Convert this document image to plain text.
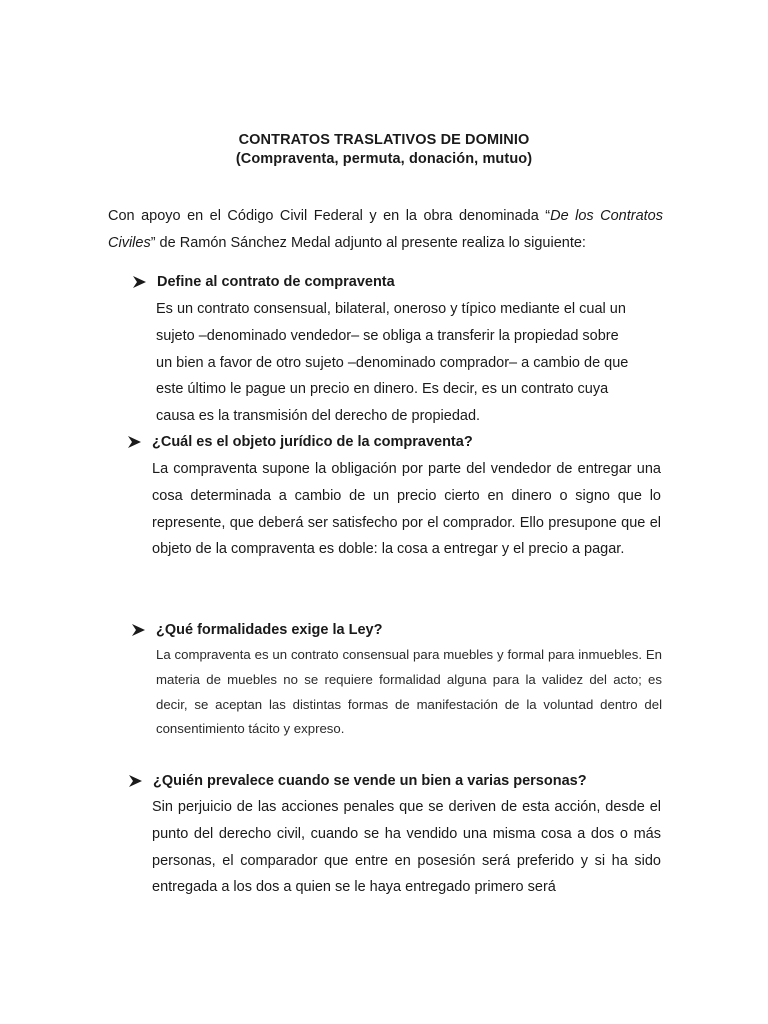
CONTRATOS TRASLATIVOS DE DOMINIO
(Compraventa, permuta, donación, mutuo)
Con apoyo en el Código Civil Federal y en la obra denominada “De los Contratos Civiles” de Ramón Sánchez Medal adjunto al presente realiza lo siguiente:
Define al contrato de compraventa
Es un contrato consensual, bilateral, oneroso y típico mediante el cual un
sujeto –denominado vendedor– se obliga a transferir la propiedad sobre
un bien a favor de otro sujeto –denominado comprador– a cambio de que
este último le pague un precio en dinero. Es decir, es un contrato cuya
causa es la transmisión del derecho de propiedad.
¿Cuál es el objeto jurídico de la compraventa?
La compraventa supone la obligación por parte del vendedor de entregar una cosa determinada a cambio de un precio cierto en dinero o signo que lo represente, que deberá ser satisfecho por el comprador. Ello presupone que el objeto de la compraventa es doble: la cosa a entregar y el precio a pagar.
¿Qué formalidades exige la Ley?
La compraventa es un contrato consensual para muebles y formal para inmuebles. En materia de muebles no se requiere formalidad alguna para la validez del acto; es decir, se aceptan las distintas formas de manifestación de la voluntad dentro del consentimiento tácito y expreso.
¿Quién prevalece cuando se vende un bien a varias personas?
Sin perjuicio de las acciones penales que se deriven de esta acción, desde el punto del derecho civil, cuando se ha vendido una misma cosa a dos o más personas, el comparador que entre en posesión será preferido y si ha sido entregada a los dos a quien se le haya entregado primero será
